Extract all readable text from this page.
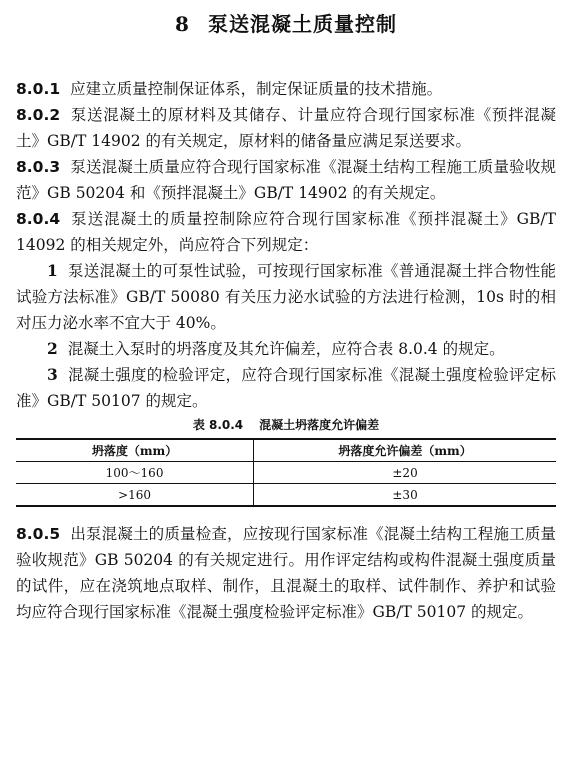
8 泵送混凝土质量控制

8.0.1 应建立质量控制保证体系，制定保证质量的技术措施。

8.0.2 泵送混凝土的原材料及其储存、计量应符合现行国家标准《预拌混凝土》GB/T 14902 的有关规定，原材料的储备量应满足泵送要求。

8.0.3 泵送混凝土质量应符合现行国家标准《混凝土结构工程施工质量验收规范》GB 50204 和《预拌混凝土》GB/T 14902 的有关规定。

8.0.4 泵送混凝土的质量控制除应符合现行国家标准《预拌混凝土》GB/T 14092 的相关规定外，尚应符合下列规定：

1 泵送混凝土的可泵性试验，可按现行国家标准《普通混凝土拌合物性能试验方法标准》GB/T 50080 有关压力泌水试验的方法进行检测，10s 时的相对压力泌水率不宜大于 40%。

2 混凝土入泵时的坍落度及其允许偏差，应符合表 8.0.4 的规定。

3 混凝土强度的检验评定，应符合现行国家标准《混凝土强度检验评定标准》GB/T 50107 的规定。

表 8.0.4 混凝土坍落度允许偏差
坍落度（mm）	坍落度允许偏差（mm）
100～160	±20
>160	±30

8.0.5 出泵混凝土的质量检查，应按现行国家标准《混凝土结构工程施工质量验收规范》GB 50204 的有关规定进行。用作评定结构或构件混凝土强度质量的试件，应在浇筑地点取样、制作，且混凝土的取样、试件制作、养护和试验均应符合现行国家标准《混凝土强度检验评定标准》GB/T 50107 的规定。
